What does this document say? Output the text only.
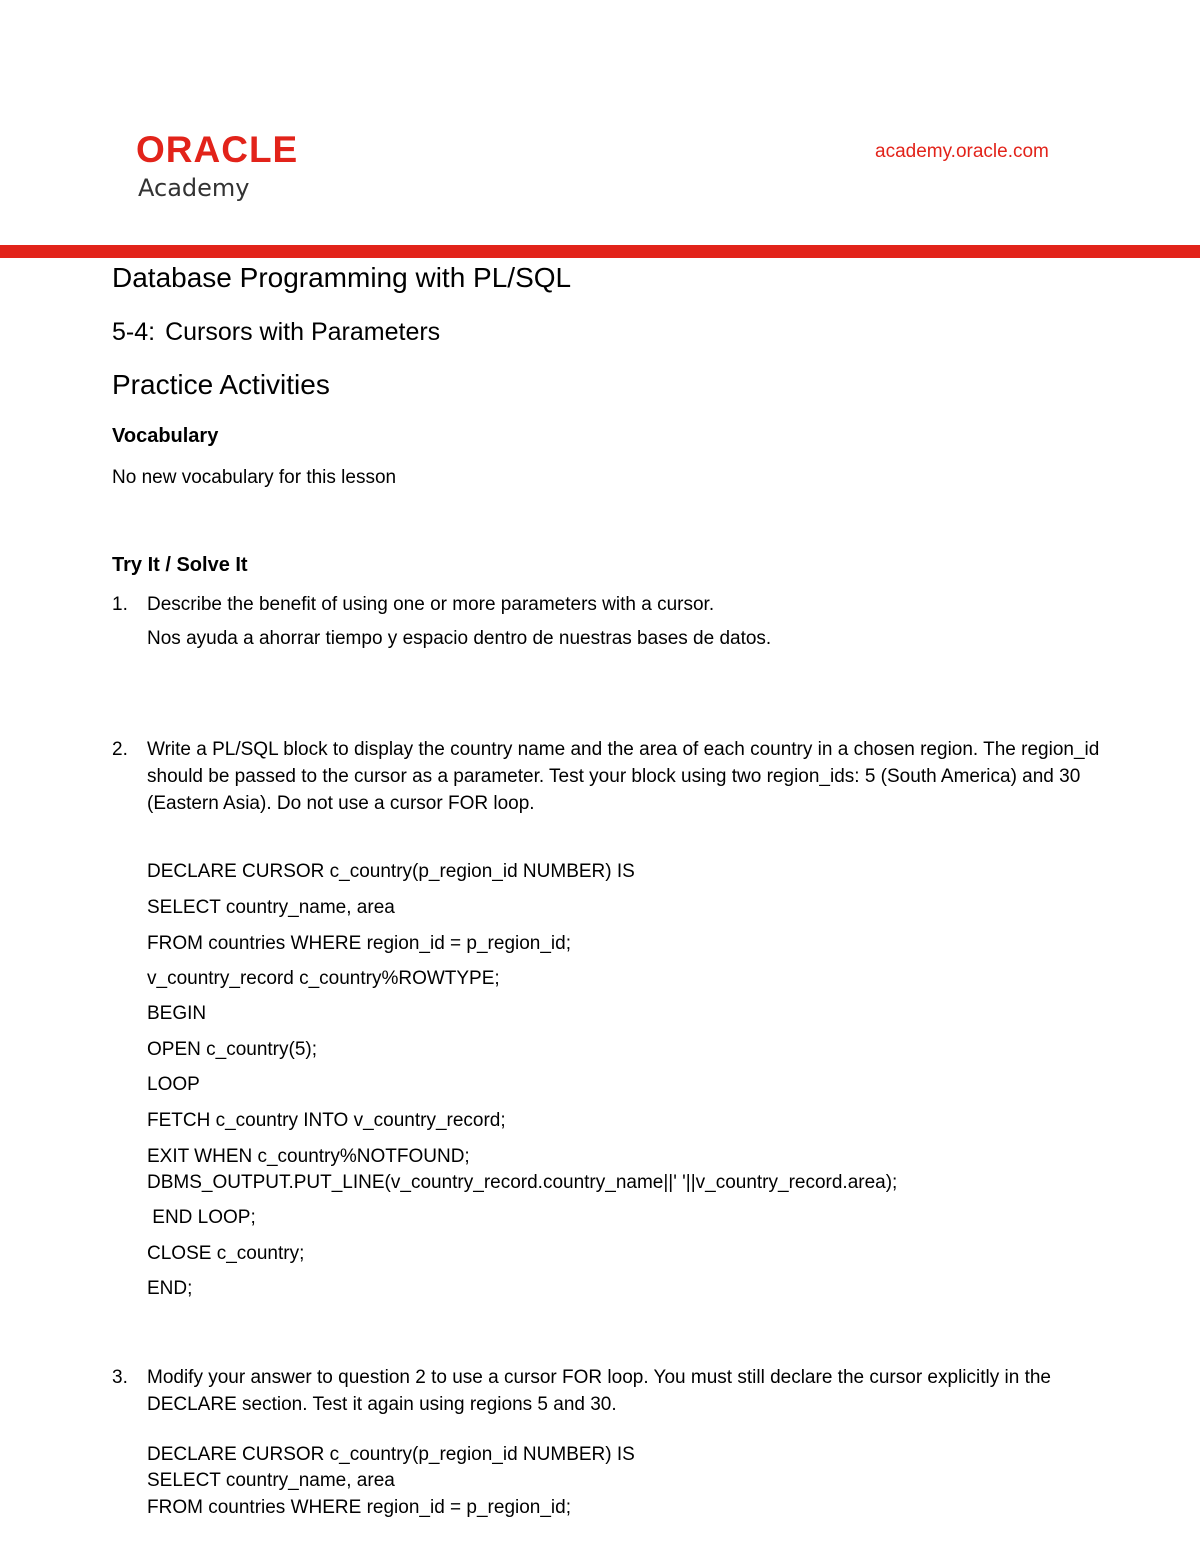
ORACLE
Academy
academy.oracle.com
Database Programming with PL/SQL
5-4: Cursors with Parameters
Practice Activities
Vocabulary
No new vocabulary for this lesson
Try It / Solve It
1.	Describe the benefit of using one or more parameters with a cursor.
Nos ayuda a ahorrar tiempo y espacio dentro de nuestras bases de datos.
2.	Write a PL/SQL block to display the country name and the area of each country in a chosen region. The region_id should be passed to the cursor as a parameter. Test your block using two region_ids: 5 (South America) and 30 (Eastern Asia). Do not use a cursor FOR loop.
DECLARE CURSOR c_country(p_region_id NUMBER) IS
SELECT country_name, area
FROM countries WHERE region_id = p_region_id;
v_country_record c_country%ROWTYPE;
BEGIN
OPEN c_country(5);
LOOP
FETCH c_country INTO v_country_record;
EXIT WHEN c_country%NOTFOUND;
DBMS_OUTPUT.PUT_LINE(v_country_record.country_name||' '||v_country_record.area);
END LOOP;
CLOSE c_country;
END;
3.	Modify your answer to question 2 to use a cursor FOR loop. You must still declare the cursor explicitly in the DECLARE section. Test it again using regions 5 and 30.
DECLARE CURSOR c_country(p_region_id NUMBER) IS
SELECT country_name, area
FROM countries WHERE region_id = p_region_id;
